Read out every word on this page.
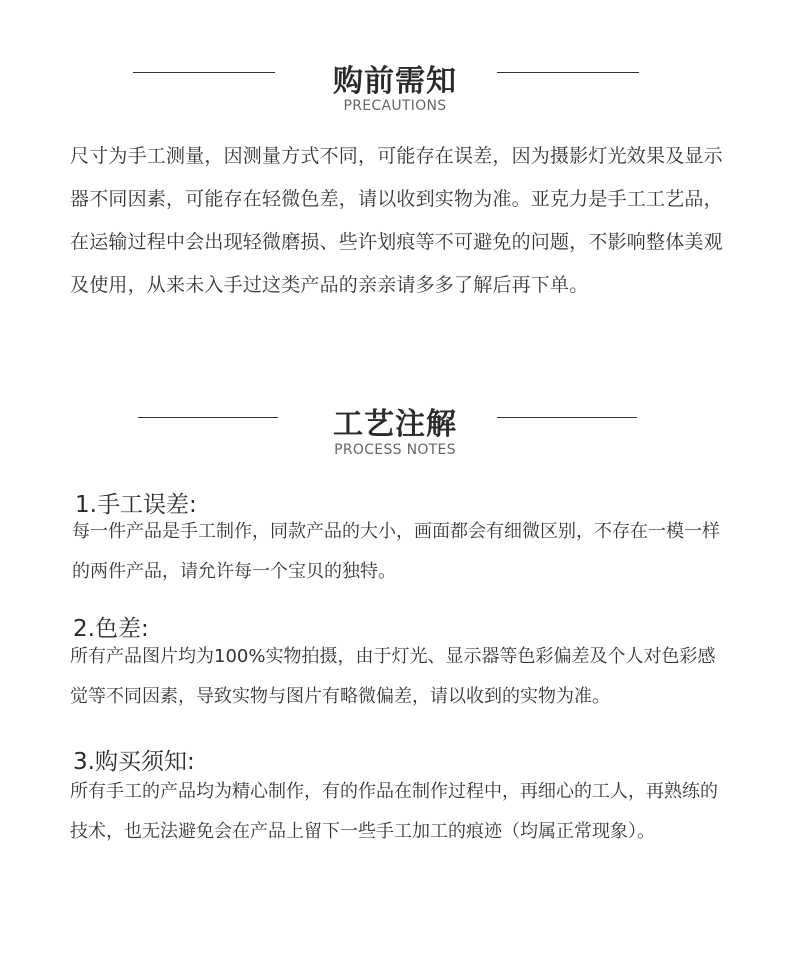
购前需知
PRECAUTIONS
尺寸为手工测量，因测量方式不同，可能存在误差，因为摄影灯光效果及显示器不同因素，可能存在轻微色差，请以收到实物为准。亚克力是手工工艺品，在运输过程中会出现轻微磨损、些许划痕等不可避免的问题，不影响整体美观及使用，从来未入手过这类产品的亲亲请多多了解后再下单。
工艺注解
PROCESS NOTES
1.手工误差:
每一件产品是手工制作，同款产品的大小，画面都会有细微区别，不存在一模一样的两件产品，请允许每一个宝贝的独特。
2.色差:
所有产品图片均为100%实物拍摄，由于灯光、显示器等色彩偏差及个人对色彩感觉等不同因素，导致实物与图片有略微偏差，请以收到的实物为准。
3.购买须知:
所有手工的产品均为精心制作，有的作品在制作过程中，再细心的工人，再熟练的技术，也无法避免会在产品上留下一些手工加工的痕迹（均属正常现象）。
